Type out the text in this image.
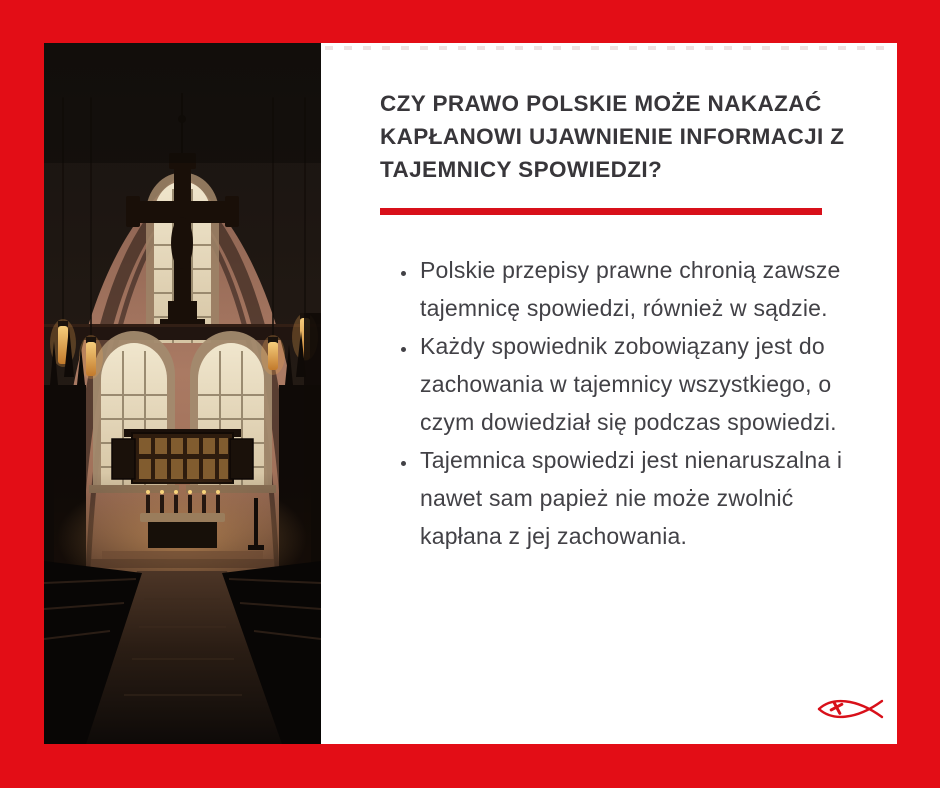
CZY PRAWO POLSKIE MOŻE NAKAZAĆ
KAPŁANOWI UJAWNIENIE INFORMACJI Z
TAJEMNICY SPOWIEDZI?
• Polskie przepisy prawne chronią zawsze tajemnicę spowiedzi, również w sądzie.
• Każdy spowiednik zobowiązany jest do zachowania w tajemnicy wszystkiego, o czym dowiedział się podczas spowiedzi.
• Tajemnica spowiedzi jest nienaruszalna i nawet sam papież nie może zwolnić kapłana z jej zachowania.
